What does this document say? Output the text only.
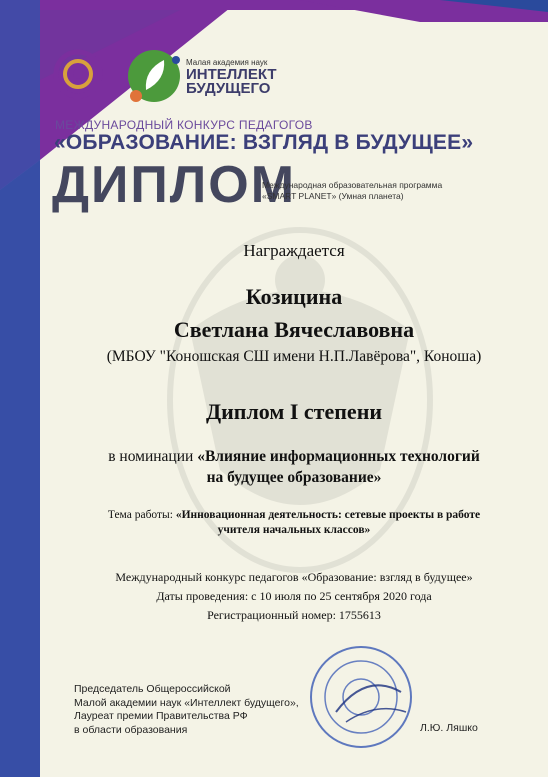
Малая академия наук
ИНТЕЛЛЕКТ
БУДУЩЕГО
МЕЖДУНАРОДНЫЙ КОНКУРС ПЕДАГОГОВ
«ОБРАЗОВАНИЕ: ВЗГЛЯД В БУДУЩЕЕ»
ДИПЛОМ
Международная образовательная программа
«SMART PLANET» (Умная планета)
Награждается
Козицина
Светлана Вячеславовна
(МБОУ "Коношская СШ имени Н.П.Лавёрова", Коноша)
Диплом I степени
в номинации «Влияние информационных технологий
на будущее образование»
Тема работы: «Инновационная деятельность: сетевые проекты в работе
учителя начальных классов»
Международный конкурс педагогов «Образование: взгляд в будущее»
Даты проведения: с 10 июля по 25 сентября 2020 года
Регистрационный номер: 1755613
Председатель Общероссийской
Малой академии наук «Интеллект будущего»,
Лауреат премии Правительства РФ
в области образования	Л.Ю. Ляшко
